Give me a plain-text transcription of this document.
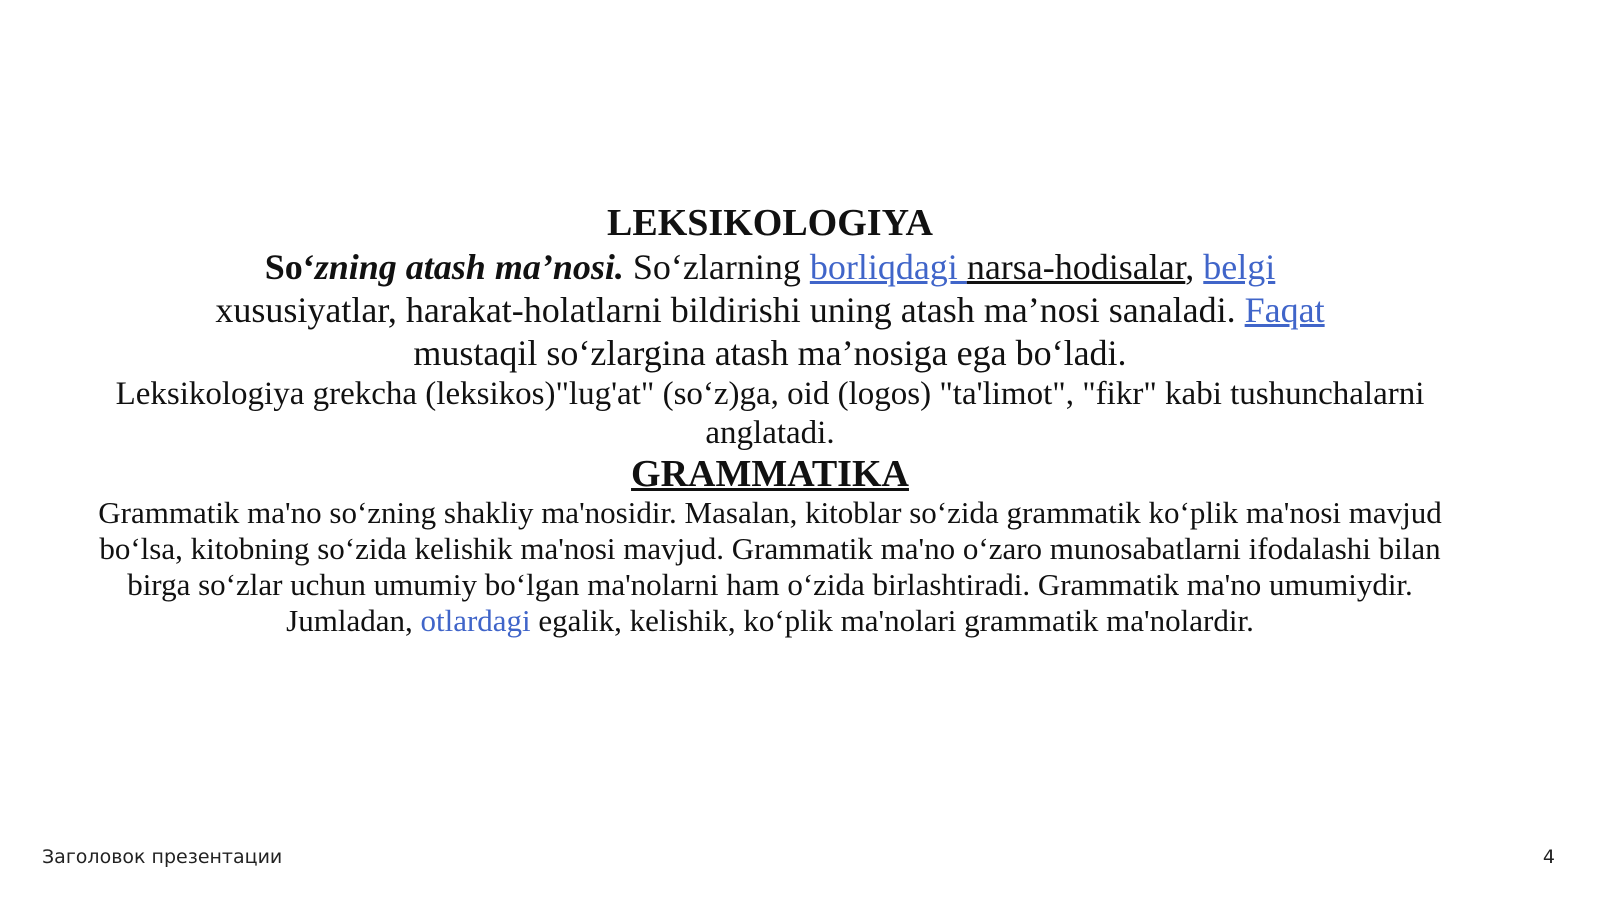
LEKSIKOLOGIYA

So‘zning atash ma’nosi. So‘zlarning borliqdagi narsa-hodisalar, belgi
xususiyatlar, harakat-holatlarni bildirishi uning atash ma’nosi sanaladi. Faqat
mustaqil so‘zlargina atash ma’nosiga ega bo‘ladi.

Leksikologiya grekcha (leksikos)"lug'at" (so‘z)ga, oid (logos) "ta'limot", "fikr" kabi tushunchalarni anglatadi.

GRAMMATIKA

Grammatik ma'no so‘zning shakliy ma'nosidir. Masalan, kitoblar so‘zida grammatik ko‘plik ma'nosi mavjud bo‘lsa, kitobning so‘zida kelishik ma'nosi mavjud. Grammatik ma'no o‘zaro munosabatlarni ifodalashi bilan birga so‘zlar uchun umumiy bo‘lgan ma'nolarni ham o‘zida birlashtiradi. Grammatik ma'no umumiydir. Jumladan, otlardagi egalik, kelishik, ko‘plik ma'nolari grammatik ma'nolardir.

Заголовок презентации	4
